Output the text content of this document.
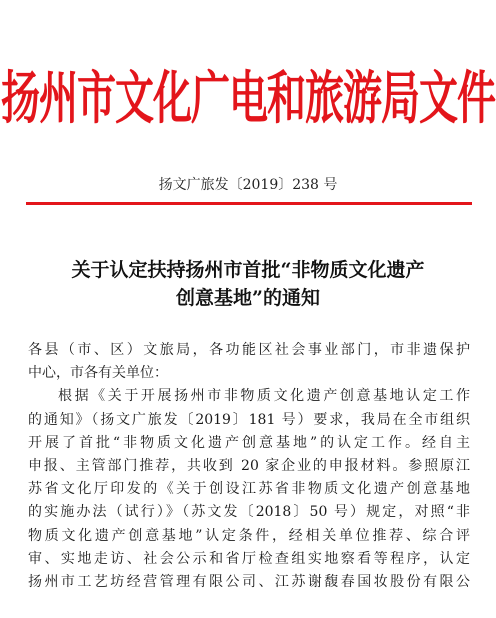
扬州市文化广电和旅游局文件
扬文广旅发〔2019〕238 号
关于认定扶持扬州市首批“非物质文化遗产
创意基地”的通知
各县（市、区）文旅局，各功能区社会事业部门，市非遗保护
中心，市各有关单位：
根据《关于开展扬州市非物质文化遗产创意基地认定工作
的通知》（扬文广旅发〔2019〕181 号）要求，我局在全市组织
开展了首批“非物质文化遗产创意基地”的认定工作。经自主
申报、主管部门推荐，共收到 20 家企业的申报材料。参照原江
苏省文化厅印发的《关于创设江苏省非物质文化遗产创意基地
的实施办法（试行）》（苏文发〔2018〕50 号）规定，对照“非
物质文化遗产创意基地”认定条件，经相关单位推荐、综合评
审、实地走访、社会公示和省厅检查组实地察看等程序，认定
扬州市工艺坊经营管理有限公司、江苏谢馥春国妆股份有限公
